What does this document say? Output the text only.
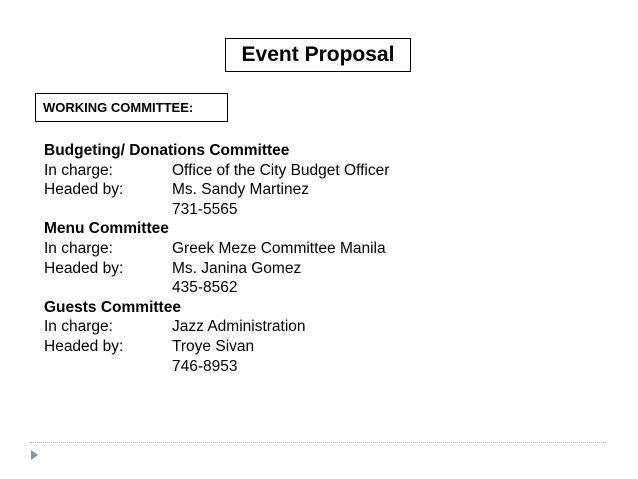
Event Proposal
WORKING COMMITTEE:
Budgeting/ Donations Committee
In charge:	Office of the City Budget Officer
Headed by:	Ms. Sandy Martinez
731-5565
Menu Committee
In charge:	Greek Meze Committee Manila
Headed by:	Ms. Janina Gomez
435-8562
Guests Committee
In charge:	Jazz Administration
Headed by:	Troye Sivan
746-8953
